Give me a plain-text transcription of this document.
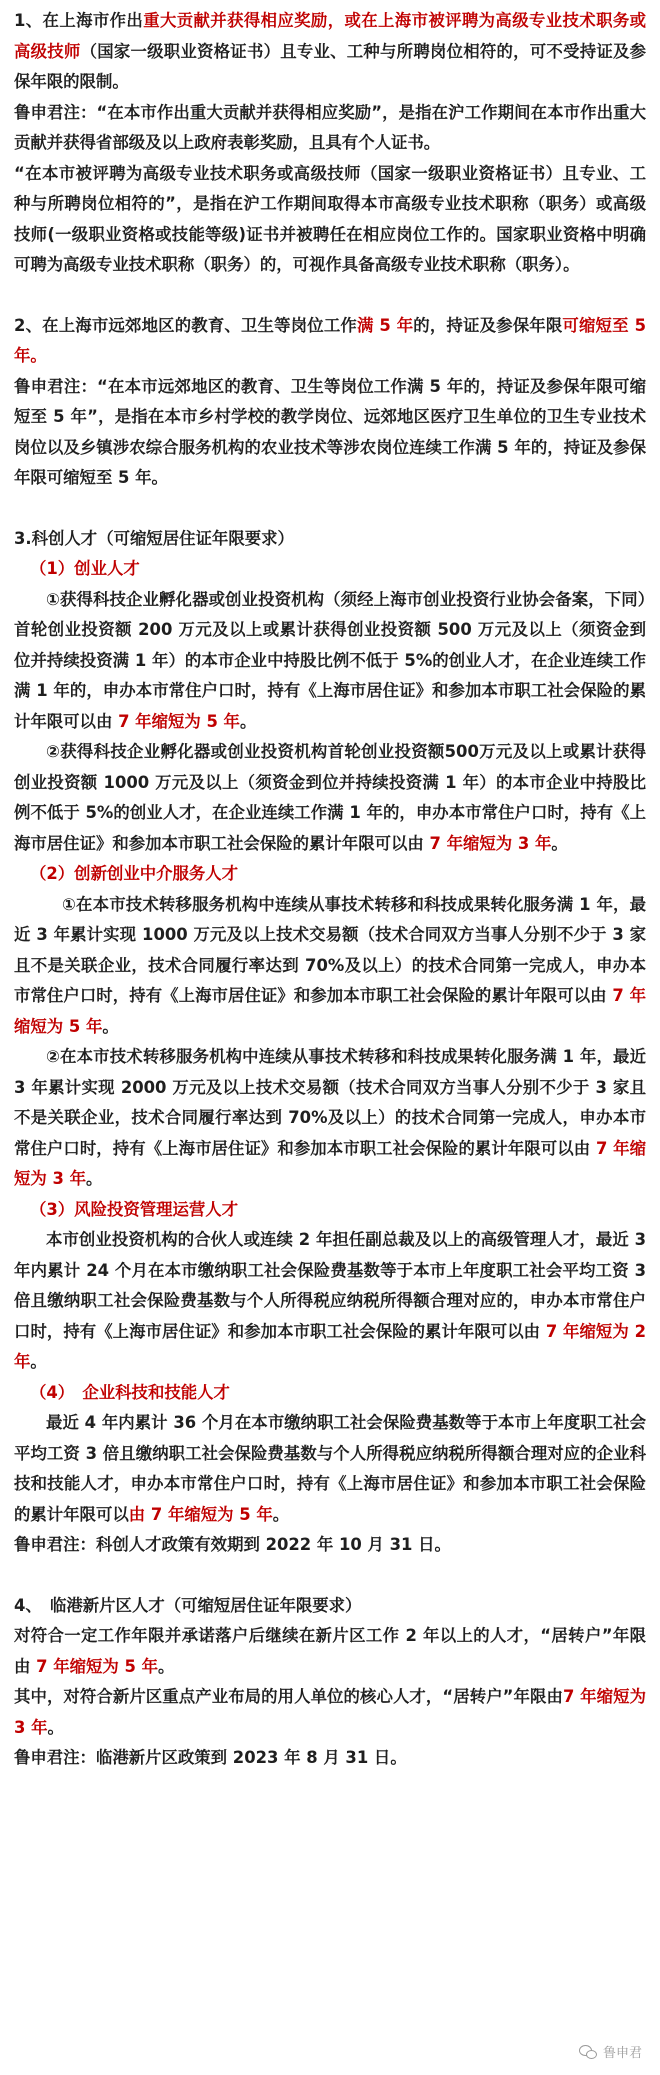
1、在上海市作出重大贡献并获得相应奖励，或在上海市被评聘为高级专业技术职务或高级技师（国家一级职业资格证书）且专业、工种与所聘岗位相符的，可不受持证及参保年限的限制。

鲁申君注：“在本市作出重大贡献并获得相应奖励”，是指在沪工作期间在本市作出重大贡献并获得省部级及以上政府表彰奖励，且具有个人证书。

“在本市被评聘为高级专业技术职务或高级技师（国家一级职业资格证书）且专业、工种与所聘岗位相符的”，是指在沪工作期间取得本市高级专业技术职称（职务）或高级技师(一级职业资格或技能等级)证书并被聘任在相应岗位工作的。国家职业资格中明确可聘为高级专业技术职称（职务）的，可视作具备高级专业技术职称（职务）。

2、在上海市远郊地区的教育、卫生等岗位工作满 5 年的，持证及参保年限可缩短至 5 年。

鲁申君注：“在本市远郊地区的教育、卫生等岗位工作满 5 年的，持证及参保年限可缩短至 5 年”，是指在本市乡村学校的教学岗位、远郊地区医疗卫生单位的卫生专业技术岗位以及乡镇涉农综合服务机构的农业技术等涉农岗位连续工作满 5 年的，持证及参保年限可缩短至 5 年。

3.科创人才（可缩短居住证年限要求）

（1）创业人才

①获得科技企业孵化器或创业投资机构（须经上海市创业投资行业协会备案，下同）首轮创业投资额 200 万元及以上或累计获得创业投资额 500 万元及以上（须资金到位并持续投资满 1 年）的本市企业中持股比例不低于 5%的创业人才，在企业连续工作满 1 年的，申办本市常住户口时，持有《上海市居住证》和参加本市职工社会保险的累计年限可以由 7 年缩短为 5 年。

②获得科技企业孵化器或创业投资机构首轮创业投资额500万元及以上或累计获得创业投资额 1000 万元及以上（须资金到位并持续投资满 1 年）的本市企业中持股比例不低于 5%的创业人才，在企业连续工作满 1 年的，申办本市常住户口时，持有《上海市居住证》和参加本市职工社会保险的累计年限可以由 7 年缩短为 3 年。

（2）创新创业中介服务人才

①在本市技术转移服务机构中连续从事技术转移和科技成果转化服务满 1 年，最近 3 年累计实现 1000 万元及以上技术交易额（技术合同双方当事人分别不少于 3 家且不是关联企业，技术合同履行率达到 70%及以上）的技术合同第一完成人，申办本市常住户口时，持有《上海市居住证》和参加本市职工社会保险的累计年限可以由 7 年缩短为 5 年。

②在本市技术转移服务机构中连续从事技术转移和科技成果转化服务满 1 年，最近 3 年累计实现 2000 万元及以上技术交易额（技术合同双方当事人分别不少于 3 家且不是关联企业，技术合同履行率达到 70%及以上）的技术合同第一完成人，申办本市常住户口时，持有《上海市居住证》和参加本市职工社会保险的累计年限可以由 7 年缩短为 3 年。

（3）风险投资管理运营人才

本市创业投资机构的合伙人或连续 2 年担任副总裁及以上的高级管理人才，最近 3 年内累计 24 个月在本市缴纳职工社会保险费基数等于本市上年度职工社会平均工资 3 倍且缴纳职工社会保险费基数与个人所得税应纳税所得额合理对应的，申办本市常住户口时，持有《上海市居住证》和参加本市职工社会保险的累计年限可以由 7 年缩短为 2 年。

（4）　企业科技和技能人才

最近 4 年内累计 36 个月在本市缴纳职工社会保险费基数等于本市上年度职工社会平均工资 3 倍且缴纳职工社会保险费基数与个人所得税应纳税所得额合理对应的企业科技和技能人才，申办本市常住户口时，持有《上海市居住证》和参加本市职工社会保险的累计年限可以由 7 年缩短为 5 年。

鲁申君注：科创人才政策有效期到 2022 年 10 月 31 日。

4、　临港新片区人才（可缩短居住证年限要求）

对符合一定工作年限并承诺落户后继续在新片区工作 2 年以上的人才，“居转户”年限由 7 年缩短为 5 年。

其中，对符合新片区重点产业布局的用人单位的核心人才，“居转户”年限由7 年缩短为 3 年。

鲁申君注：临港新片区政策到 2023 年 8 月 31 日。

鲁申君
